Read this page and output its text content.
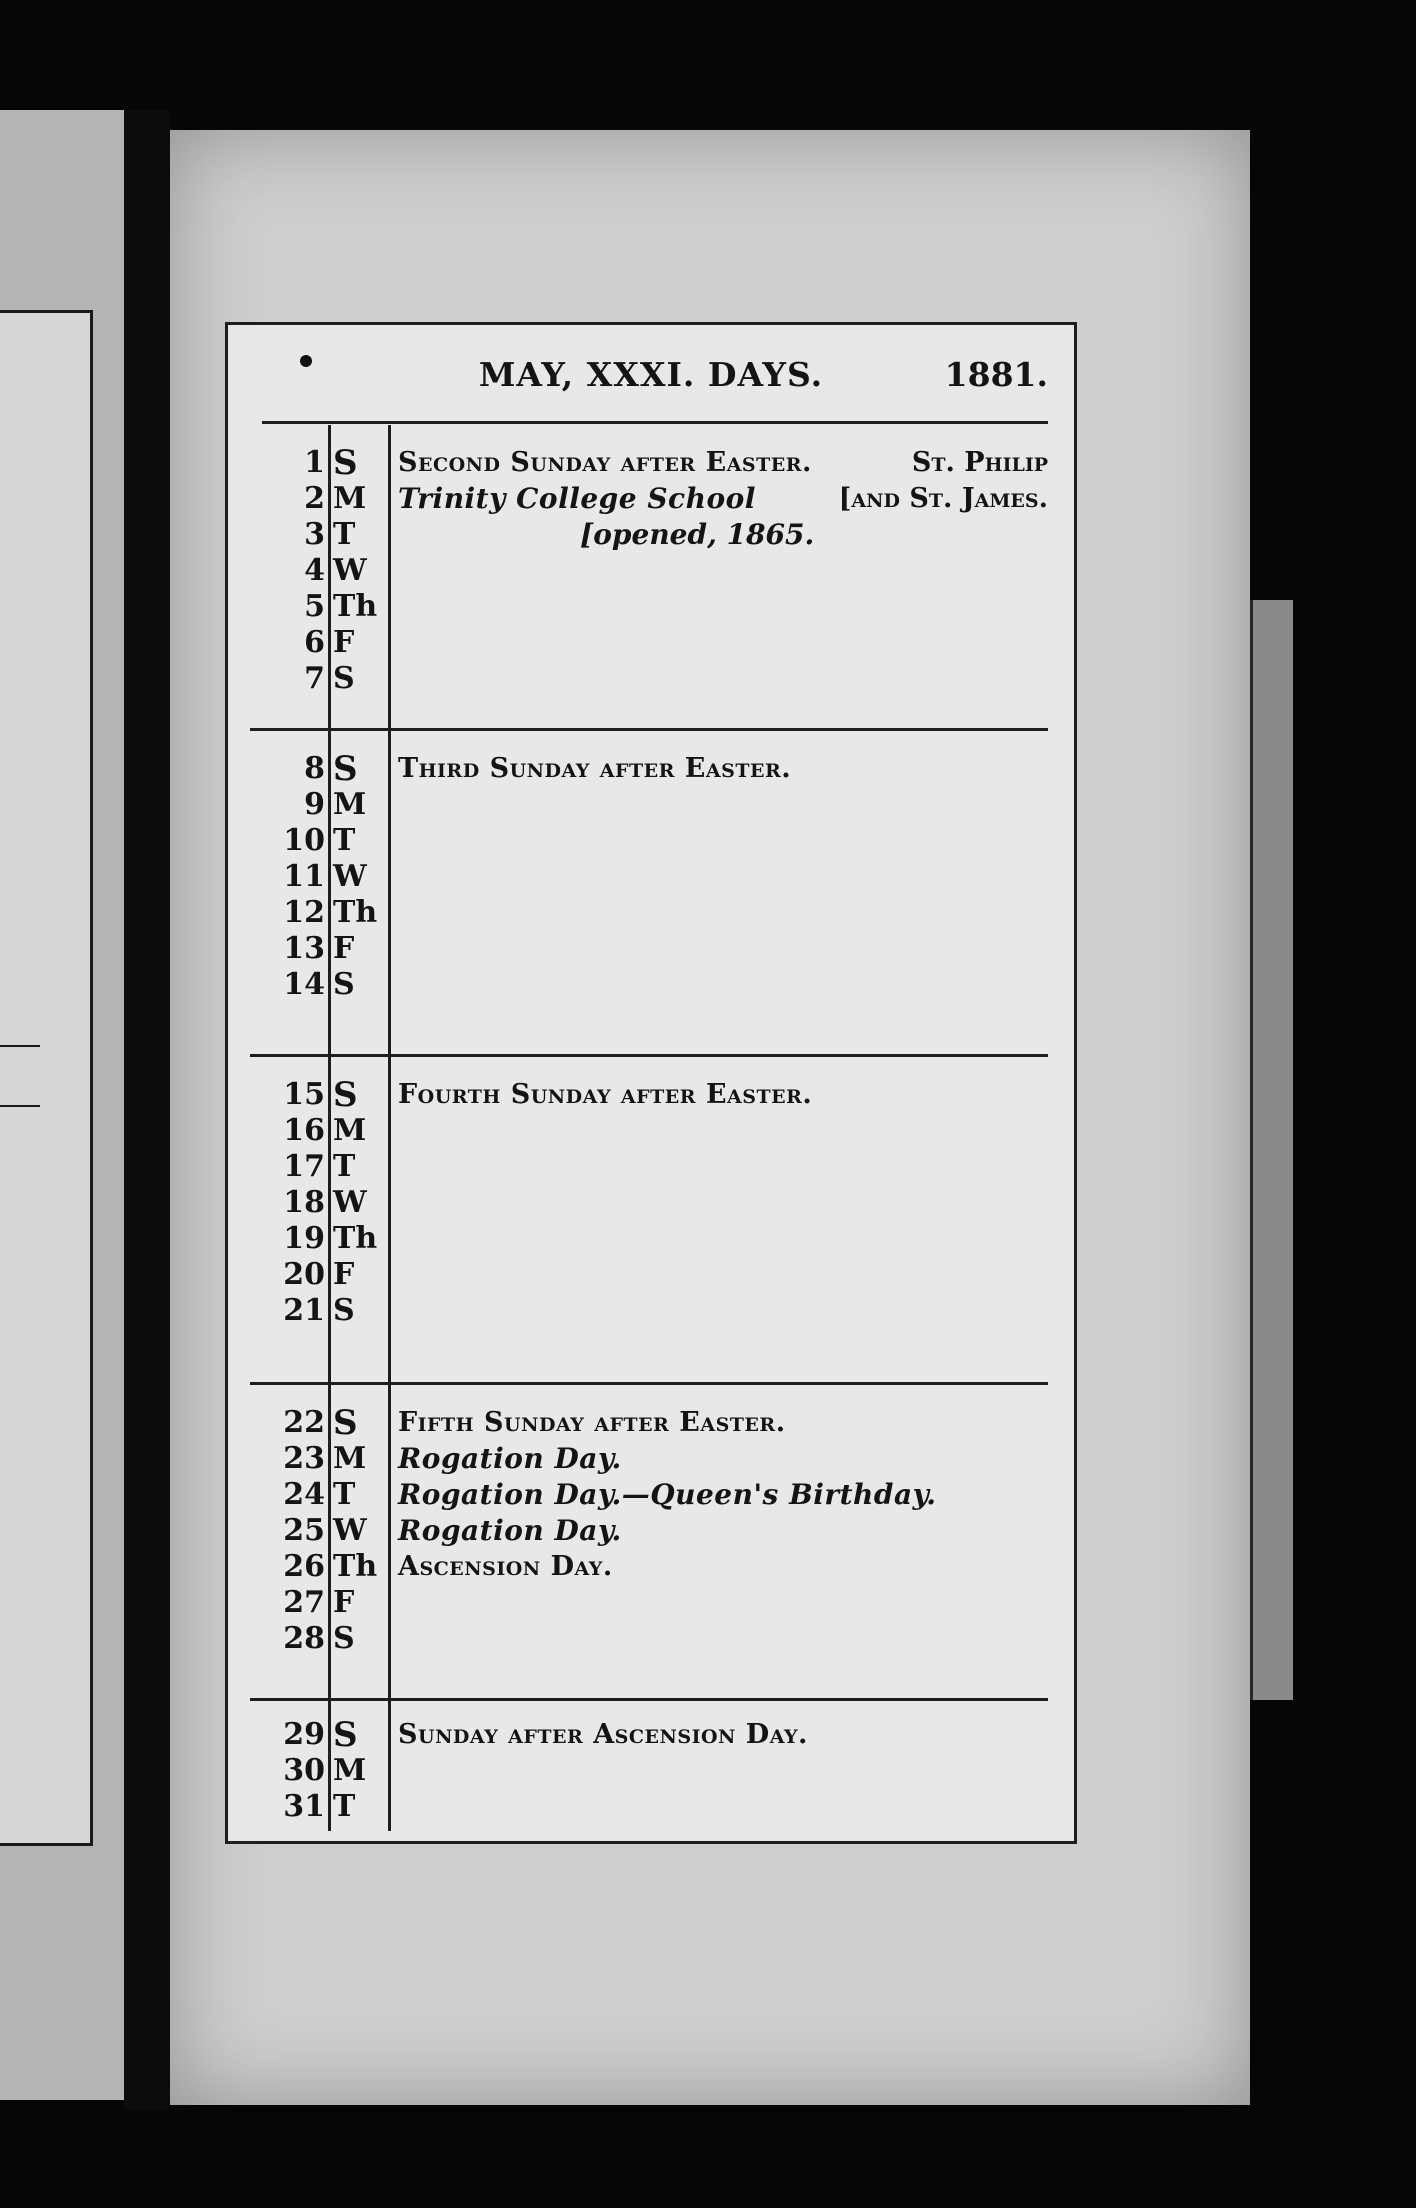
MAY, XXXI. DAYS.	1881.
1 S	Second Sunday after Easter.	St. Philip
2 M	Trinity College School	[and St. James.
3 T	[opened, 1865.
4 W
5 Th
6 F
7 S
8 S	Third Sunday after Easter.
9 M
10 T
11 W
12 Th
13 F
14 S
15 S	Fourth Sunday after Easter.
16 M
17 T
18 W
19 Th
20 F
21 S
22 S	Fifth Sunday after Easter.
23 M	Rogation Day.
24 T	Rogation Day.—Queen's Birthday.
25 W	Rogation Day.
26 Th Ascension Day.
27 F
28 S
29 S	Sunday after Ascension Day.
30 M
31 T
